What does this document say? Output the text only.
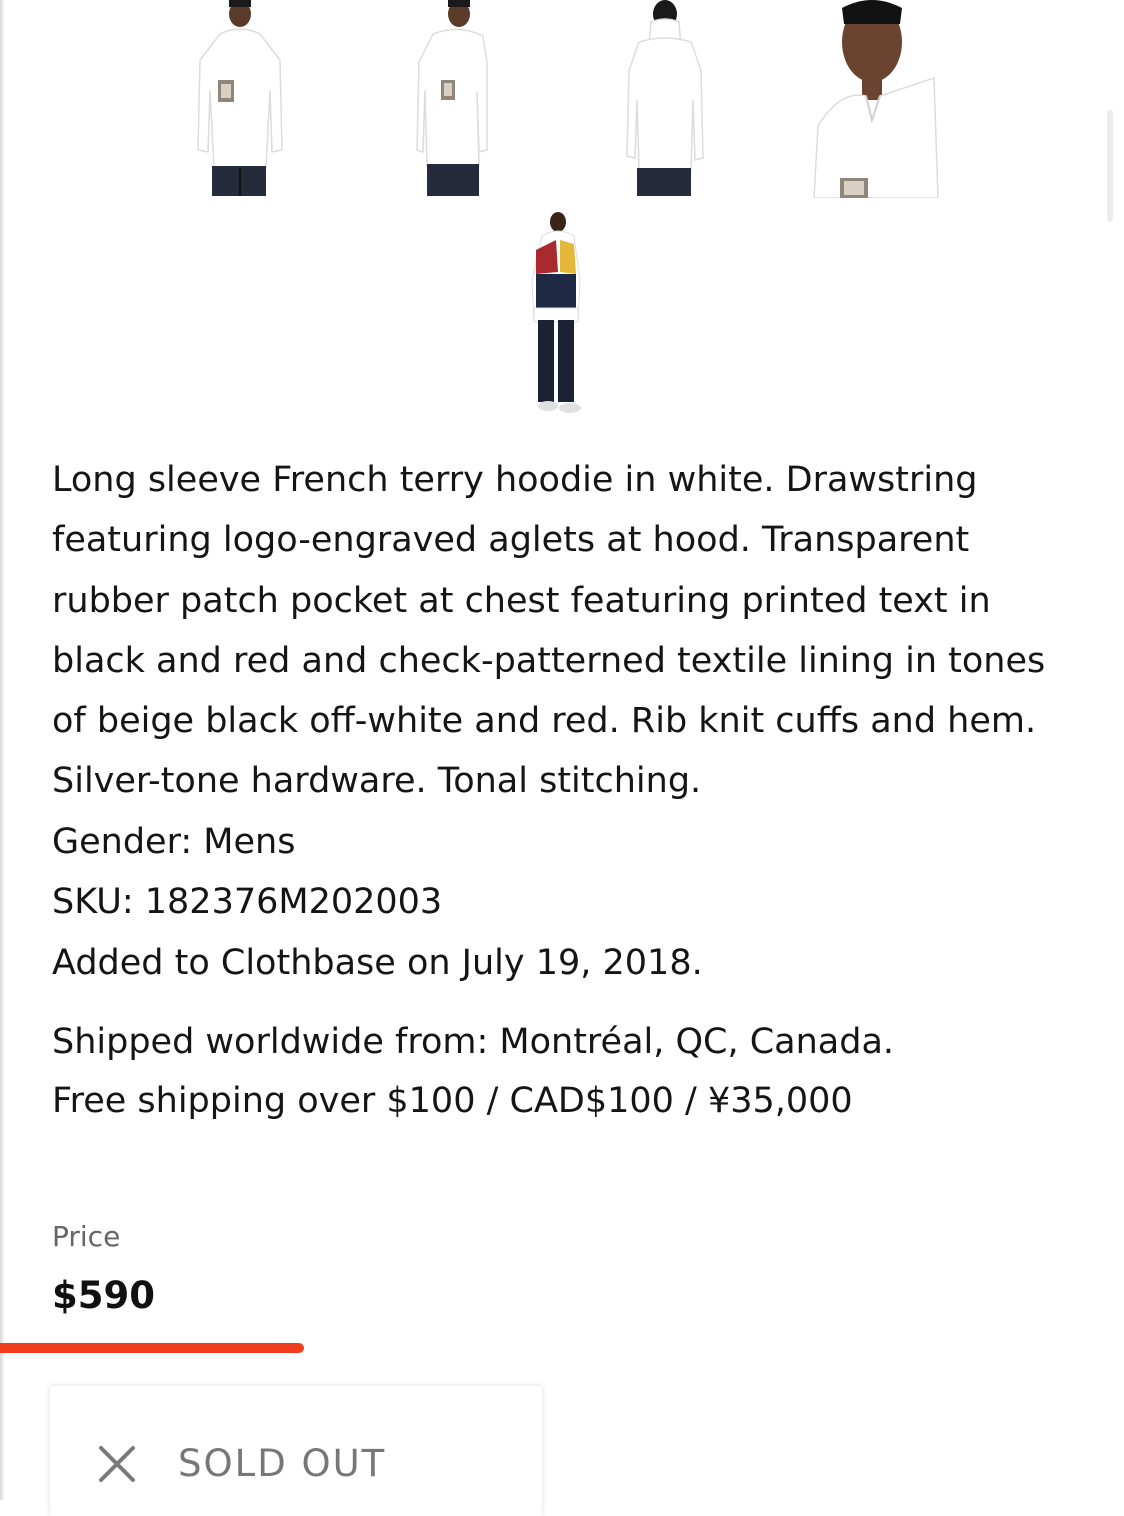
Long sleeve French terry hoodie in white. Drawstring featuring logo-engraved aglets at hood. Transparent rubber patch pocket at chest featuring printed text in black and red and check-patterned textile lining in tones of beige black off-white and red. Rib knit cuffs and hem. Silver-tone hardware. Tonal stitching.

Gender: Mens

SKU: 182376M202003

Added to Clothbase on July 19, 2018.

Shipped worldwide from: Montréal, QC, Canada.

Free shipping over $100 / CAD$100 / ¥35,000

Price
$590
SOLD OUT
